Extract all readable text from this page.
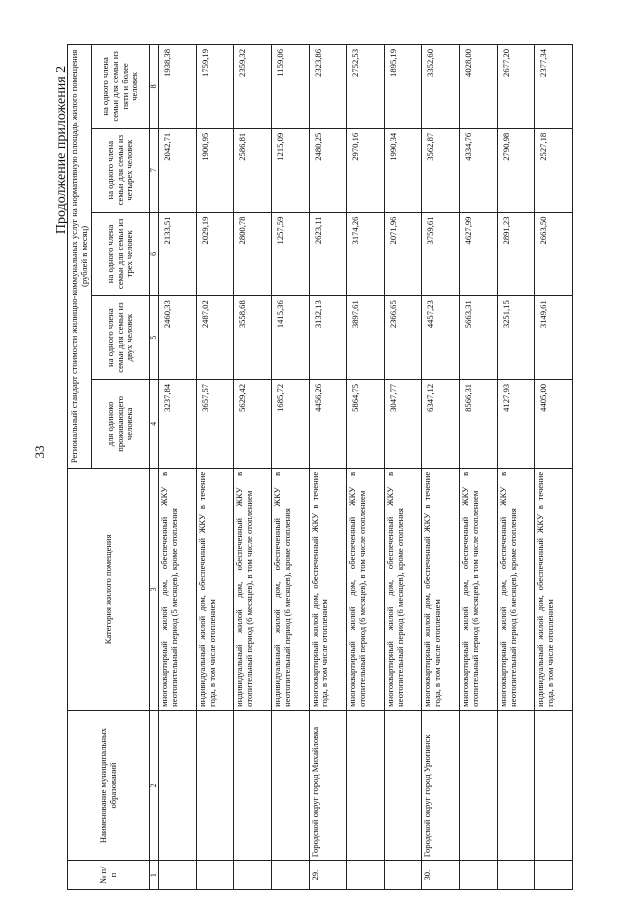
33
Продолжение приложения 2
№ п/п	Наименование муниципальных образований	Категория жилого помещения	Региональный стандарт стоимости жилищно-коммунальных услуг на нормативную площадь жилого помещения (рублей в месяц)				
			для одиноко проживающего человека	на одного члена семьи для семьи из двух человек	на одного члена семьи для семьи из трех человек	на одного члена семьи для семьи из четырех человек	на одного члена семьи для семьи из пяти и более человек
1	2	3	4	5	6	7	8
		многоквартирный жилой дом, обеспеченный ЖКУ в неотопительный период (5 месяцев), кроме отопления	3237,84	2460,33	2133,51	2042,71	1938,38
		индивидуальный жилой дом, обеспеченный ЖКУ в течение года, в том числе отоплением	3657,57	2487,02	2029,19	1900,95	1759,19
		индивидуальный жилой дом, обеспеченный ЖКУ в отопительный период (6 месяцев), в том числе отоплением	5629,42	3558,68	2800,78	2586,81	2359,32
		индивидуальный жилой дом, обеспеченный ЖКУ в неотопительный период (6 месяцев), кроме отопления	1685,72	1415,36	1257,59	1215,09	1159,06
29.	Городской округ город Михайловка	многоквартирный жилой дом, обеспеченный ЖКУ в течение года, в том числе отоплением	4456,26	3132,13	2623,11	2480,25	2323,86
		многоквартирный жилой дом, обеспеченный ЖКУ в отопительный период (6 месяцев), в том числе отоплением	5864,75	3897,61	3174,26	2970,16	2752,53
		многоквартирный жилой дом, обеспеченный ЖКУ в неотопительный период (6 месяцев), кроме отопления	3047,77	2366,65	2071,96	1990,34	1895,19
30.	Городской округ город Урюпинск	многоквартирный жилой дом, обеспеченный ЖКУ в течение года, в том числе отоплением	6347,12	4457,23	3759,61	3562,87	3352,60
		многоквартирный жилой дом, обеспеченный ЖКУ в отопительный период (6 месяцев), в том числе отоплением	8566,31	5663,31	4627,99	4334,76	4028,00
		многоквартирный жилой дом, обеспеченный ЖКУ в неотопительный период (6 месяцев), кроме отопления	4127,93	3251,15	2891,23	2790,98	2677,20
		индивидуальный жилой дом, обеспеченный ЖКУ в течение года, в том числе отоплением	4405,00	3149,61	2663,50	2527,18	2377,34
